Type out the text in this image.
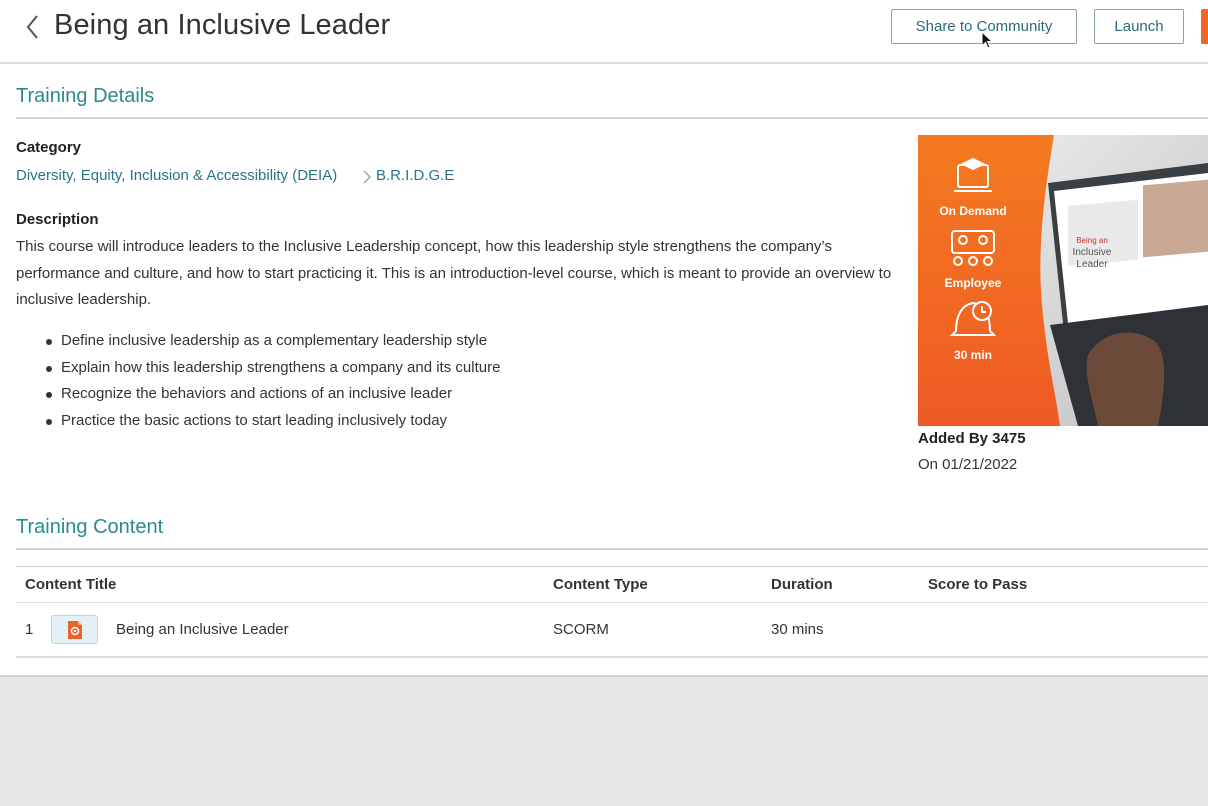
Being an Inclusive Leader	Share to Community	Launch
Training Details
Category
Diversity, Equity, Inclusion & Accessibility (DEIA)	B.R.I.D.G.E
Description

This course will introduce leaders to the Inclusive Leadership concept, how this leadership style strengthens the company’s performance and culture, and how to start practicing it. This is an introduction-level course, which is meant to provide an overview to inclusive leadership.

Define inclusive leadership as a complementary leadership style
Explain how this leadership strengthens a company and its culture
Recognize the behaviors and actions of an inclusive leader
Practice the basic actions to start leading inclusively today
On Demand
Employee
30 min
Being an
Inclusive
Leader
Added By 3475
On 01/21/2022
Training Content
Content Title	Content Type	Duration	Score to Pass
1	Being an Inclusive Leader	SCORM	30 mins
